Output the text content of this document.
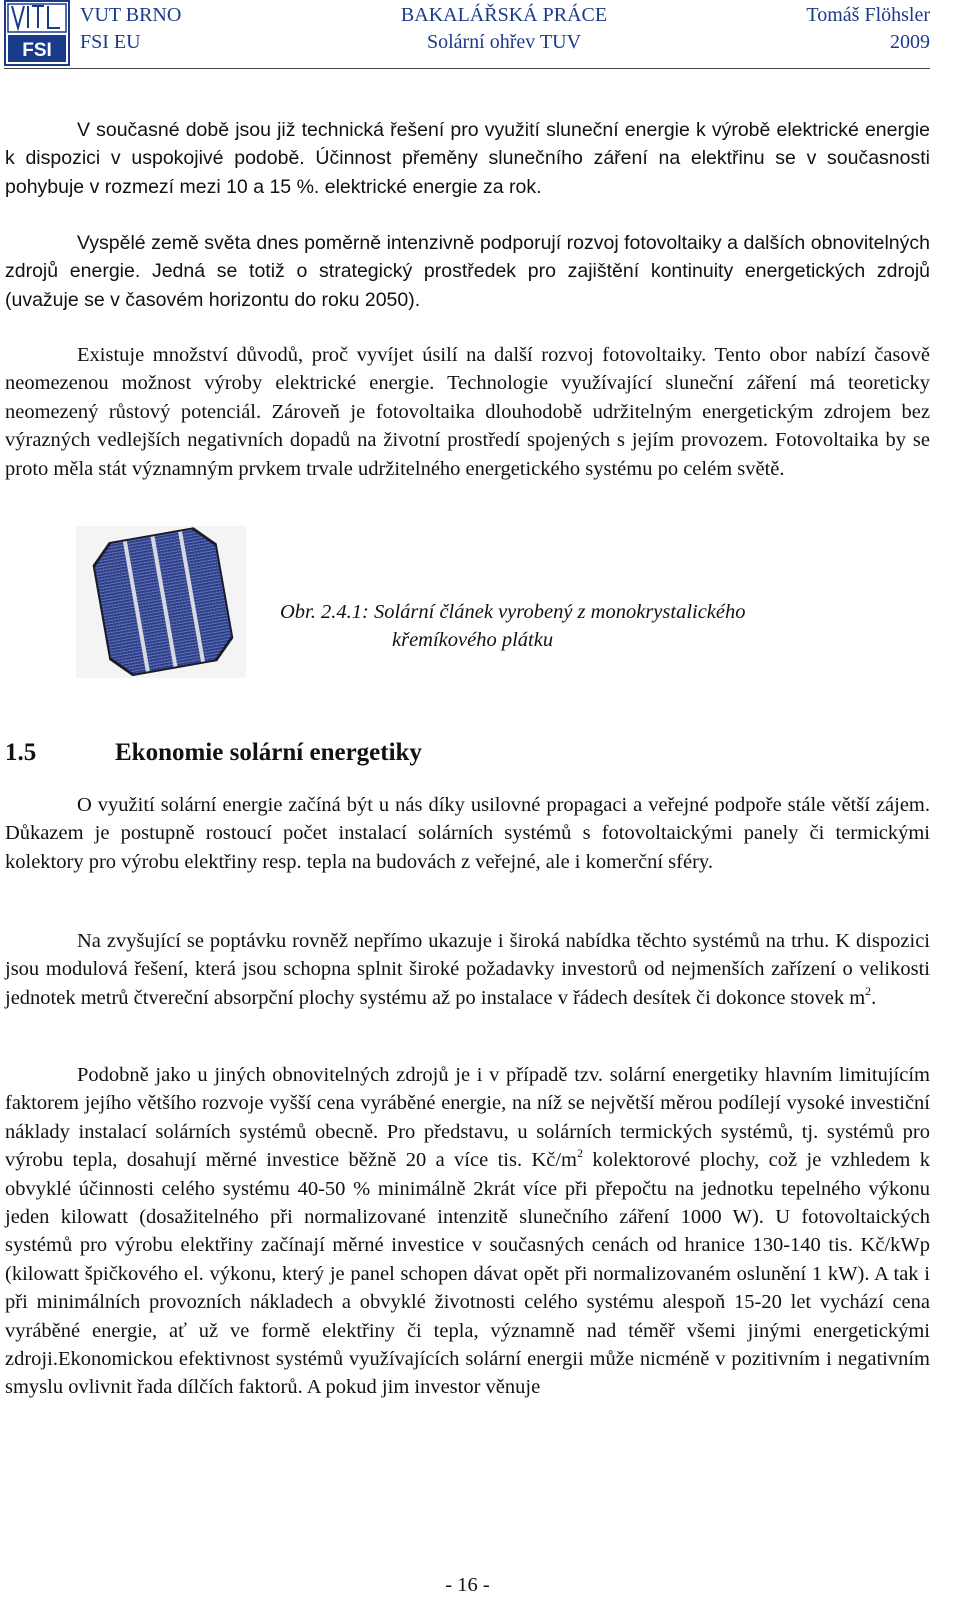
FSI
VUT BRNO
FSI EU
BAKALÁŘSKÁ PRÁCE
Solární ohřev TUV
Tomáš Flöhsler
2009

V současné době jsou již technická řešení pro využití sluneční energie k výrobě elektrické energie k dispozici v uspokojivé podobě. Účinnost přeměny slunečního záření na elektřinu se v současnosti pohybuje v rozmezí mezi 10 a 15 %. elektrické energie za rok.

Vyspělé země světa dnes poměrně intenzivně podporují rozvoj fotovoltaiky a dalších obnovitelných zdrojů energie. Jedná se totiž o strategický prostředek pro zajištění kontinuity energetických zdrojů (uvažuje se v časovém horizontu do roku 2050).

Existuje množství důvodů, proč vyvíjet úsilí na další rozvoj fotovoltaiky. Tento obor nabízí časově neomezenou možnost výroby elektrické energie. Technologie využívající sluneční záření má teoreticky neomezený růstový potenciál. Zároveň je fotovoltaika dlouhodobě udržitelným energetickým zdrojem bez výrazných vedlejších negativních dopadů na životní prostředí spojených s jejím provozem. Fotovoltaika by se proto měla stát významným prvkem trvale udržitelného energetického systému po celém světě.

Obr. 2.4.1: Solární článek vyrobený z monokrystalického
křemíkového plátku
1.5	Ekonomie solární energetiky

O využití solární energie začíná být u nás díky usilovné propagaci a veřejné podpoře stále větší zájem. Důkazem je postupně rostoucí počet instalací solárních systémů s fotovoltaickými panely či termickými kolektory pro výrobu elektřiny resp. tepla na budovách z veřejné, ale i komerční sféry.

Na zvyšující se poptávku rovněž nepřímo ukazuje i široká nabídka těchto systémů na trhu. K dispozici jsou modulová řešení, která jsou schopna splnit široké požadavky investorů od nejmenších zařízení o velikosti jednotek metrů čtvereční absorpční plochy systému až po instalace v řádech desítek či dokonce stovek $m^2$.

Podobně jako u jiných obnovitelných zdrojů je i v případě tzv. solární energetiky hlavním limitujícím faktorem jejího většího rozvoje vyšší cena vyráběné energie, na níž se největší měrou podílejí vysoké investiční náklady instalací solárních systémů obecně. Pro představu, u solárních termických systémů, tj. systémů pro výrobu tepla, dosahují měrné investice běžně 20 a více tis. $Kč/m^2$ kolektorové plochy, což je vzhledem k obvyklé účinnosti celého systému 40-50 % minimálně 2krát více při přepočtu na jednotku tepelného výkonu jeden kilowatt (dosažitelného při normalizované intenzitě slunečního záření 1000 W). U fotovoltaických systémů pro výrobu elektřiny začínají měrné investice v současných cenách od hranice 130-140 tis. Kč/kWp (kilowatt špičkového el. výkonu, který je panel schopen dávat opět při normalizovaném oslunění 1 kW). A tak i při minimálních provozních nákladech a obvyklé životnosti celého systému alespoň 15-20 let vychází cena vyráběné energie, ať už ve formě elektřiny či tepla, významně nad téměř všemi jinými energetickými zdroji.Ekonomickou efektivnost systémů využívajících solární energii může nicméně v pozitivním i negativním smyslu ovlivnit řada dílčích faktorů. A pokud jim investor věnuje

- 16 -
